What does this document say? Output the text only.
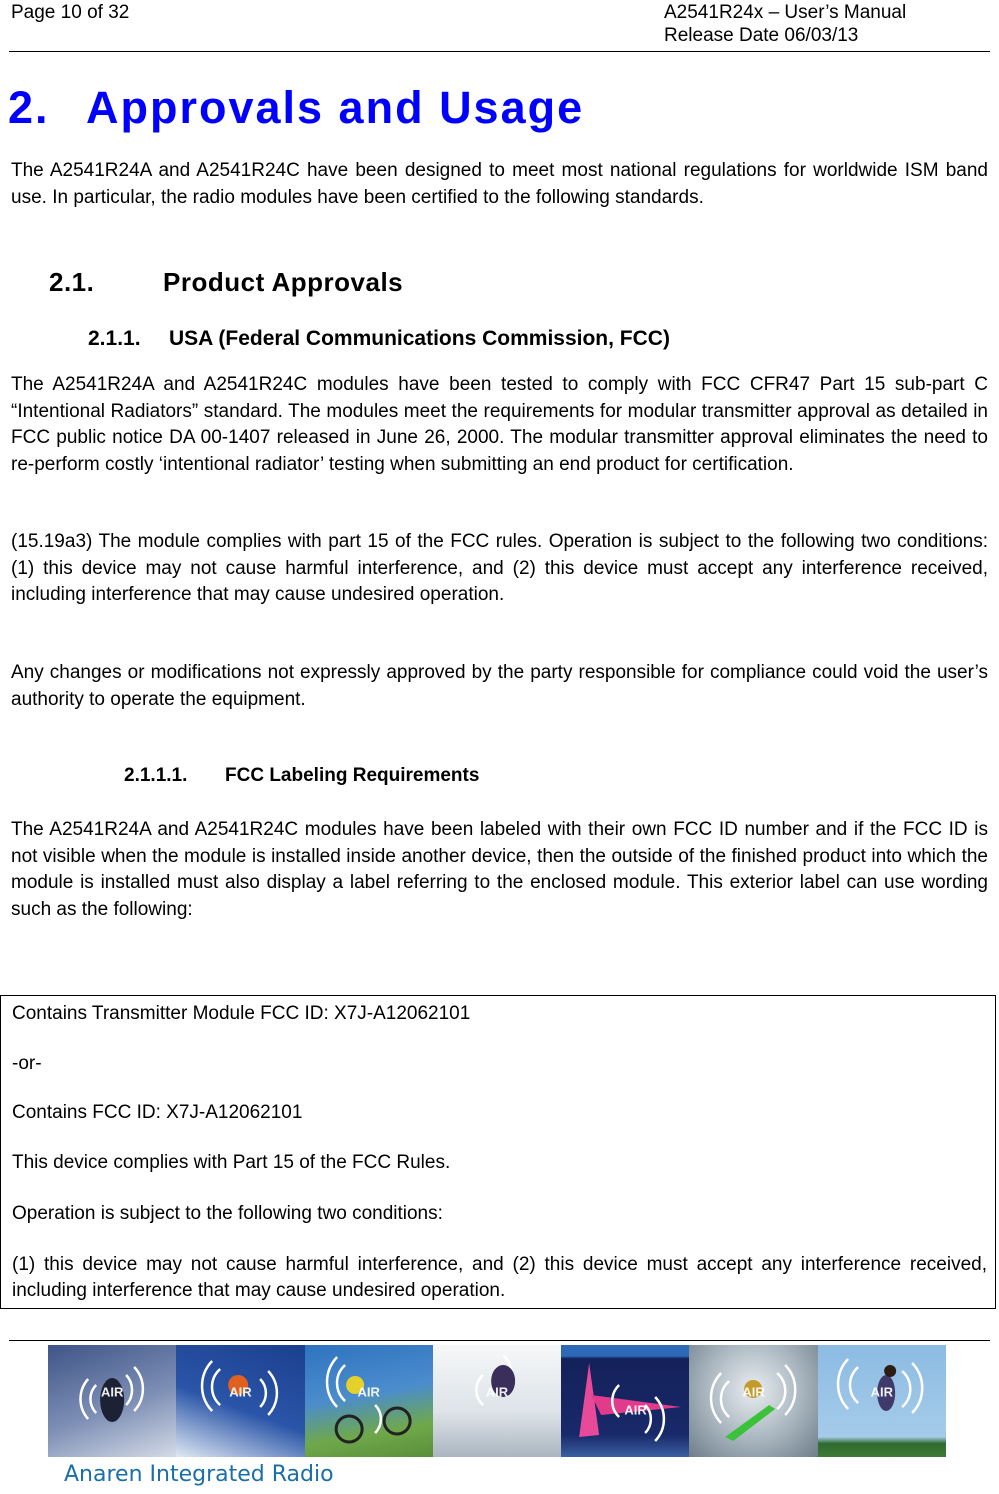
Page 10 of 32	A2541R24x – User’s Manual
Release Date 06/03/13
2. Approvals and Usage
The A2541R24A and A2541R24C have been designed to meet most national regulations for worldwide ISM band use. In particular, the radio modules have been certified to the following standards.
2.1.	Product Approvals
2.1.1. USA (Federal Communications Commission, FCC)
The A2541R24A and A2541R24C modules have been tested to comply with FCC CFR47 Part 15 sub-part C “Intentional Radiators” standard. The modules meet the requirements for modular transmitter approval as detailed in FCC public notice DA 00-1407 released in June 26, 2000. The modular transmitter approval eliminates the need to re-perform costly ‘intentional radiator’ testing when submitting an end product for certification.
(15.19a3) The module complies with part 15 of the FCC rules. Operation is subject to the following two conditions: (1) this device may not cause harmful interference, and (2) this device must accept any interference received, including interference that may cause undesired operation.
Any changes or modifications not expressly approved by the party responsible for compliance could void the user’s authority to operate the equipment.
2.1.1.1. FCC Labeling Requirements
The A2541R24A and A2541R24C modules have been labeled with their own FCC ID number and if the FCC ID is not visible when the module is installed inside another device, then the outside of the finished product into which the module is installed must also display a label referring to the enclosed module. This exterior label can use wording such as the following:

Contains Transmitter Module FCC ID: X7J-A12062101

-or-

Contains FCC ID: X7J-A12062101

This device complies with Part 15 of the FCC Rules.

Operation is subject to the following two conditions:

(1) this device may not cause harmful interference, and (2) this device must accept any interference received, including interference that may cause undesired operation.

AIR	AIR	AIR	AIR
AIR
AIR	AIR
Anaren Integrated Radio
